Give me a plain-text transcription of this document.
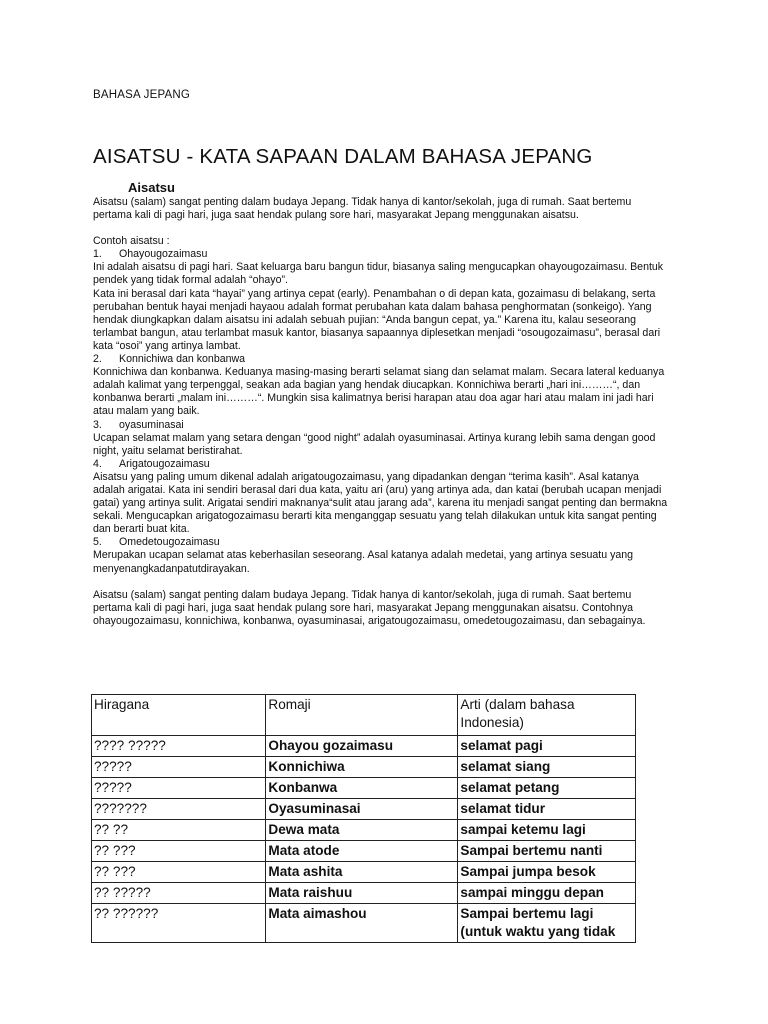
BAHASA JEPANG
AISATSU - KATA SAPAAN DALAM BAHASA JEPANG

Aisatsu

Aisatsu (salam) sangat penting dalam budaya Jepang. Tidak hanya di kantor/sekolah, juga di rumah. Saat bertemu pertama kali di pagi hari, juga saat hendak pulang sore hari, masyarakat Jepang menggunakan aisatsu.

Contoh aisatsu :

1.	Ohayougozaimasu

Ini adalah aisatsu di pagi hari. Saat keluarga baru bangun tidur, biasanya saling mengucapkan ohayougozaimasu. Bentuk pendek yang tidak formal adalah “ohayo”.

Kata ini berasal dari kata “hayai” yang artinya cepat (early). Penambahan o di depan kata, gozaimasu di belakang, serta perubahan bentuk hayai menjadi hayaou adalah format perubahan kata dalam bahasa penghormatan (sonkeigo). Yang hendak diungkapkan dalam aisatsu ini adalah sebuah pujian: “Anda bangun cepat, ya.” Karena itu, kalau seseorang terlambat bangun, atau terlambat masuk kantor, biasanya sapaannya diplesetkan menjadi “osougozaimasu”, berasal dari kata “osoi” yang artinya lambat.

2.	Konnichiwa dan konbanwa

Konnichiwa dan konbanwa. Keduanya masing-masing berarti selamat siang dan selamat malam. Secara lateral keduanya adalah kalimat yang terpenggal, seakan ada bagian yang hendak diucapkan. Konnichiwa berarti „hari ini………“, dan konbanwa berarti „malam ini………“. Mungkin sisa kalimatnya berisi harapan atau doa agar hari atau malam ini jadi hari atau malam yang baik.

3.	oyasuminasai

Ucapan selamat malam yang setara dengan “good night” adalah oyasuminasai. Artinya kurang lebih sama dengan good night, yaitu selamat beristirahat.

4.	Arigatougozaimasu

Aisatsu yang paling umum dikenal adalah arigatougozaimasu, yang dipadankan dengan “terima kasih”. Asal katanya adalah arigatai. Kata ini sendiri berasal dari dua kata, yaitu ari (aru) yang artinya ada, dan katai (berubah ucapan menjadi gatai) yang artinya sulit. Arigatai sendiri maknanya“sulit atau jarang ada”, karena itu menjadi sangat penting dan bermakna sekali. Mengucapkan arigatogozaimasu berarti kita menganggap sesuatu yang telah dilakukan untuk kita sangat penting dan berarti buat kita.

5.	Omedetougozaimasu

Merupakan ucapan selamat atas keberhasilan seseorang. Asal katanya adalah medetai, yang artinya sesuatu yang menyenangkadanpatutdirayakan.

Aisatsu (salam) sangat penting dalam budaya Jepang. Tidak hanya di kantor/sekolah, juga di rumah. Saat bertemu pertama kali di pagi hari, juga saat hendak pulang sore hari, masyarakat Jepang menggunakan aisatsu. Contohnya ohayougozaimasu, konnichiwa, konbanwa, oyasuminasai, arigatougozaimasu, omedetougozaimasu, dan sebagainya.

Hiragana	Romaji	Arti (dalam bahasa Indonesia)
???? ?????	Ohayou gozaimasu	selamat pagi
?????	Konnichiwa	selamat siang
?????	Konbanwa	selamat petang
???????	Oyasuminasai	selamat tidur
?? ??	Dewa mata	sampai ketemu lagi
?? ???	Mata atode	Sampai bertemu nanti
?? ???	Mata ashita	Sampai jumpa besok
?? ?????	Mata raishuu	sampai minggu depan
?? ??????	Mata aimashou	Sampai bertemu lagi (untuk waktu yang tidak
